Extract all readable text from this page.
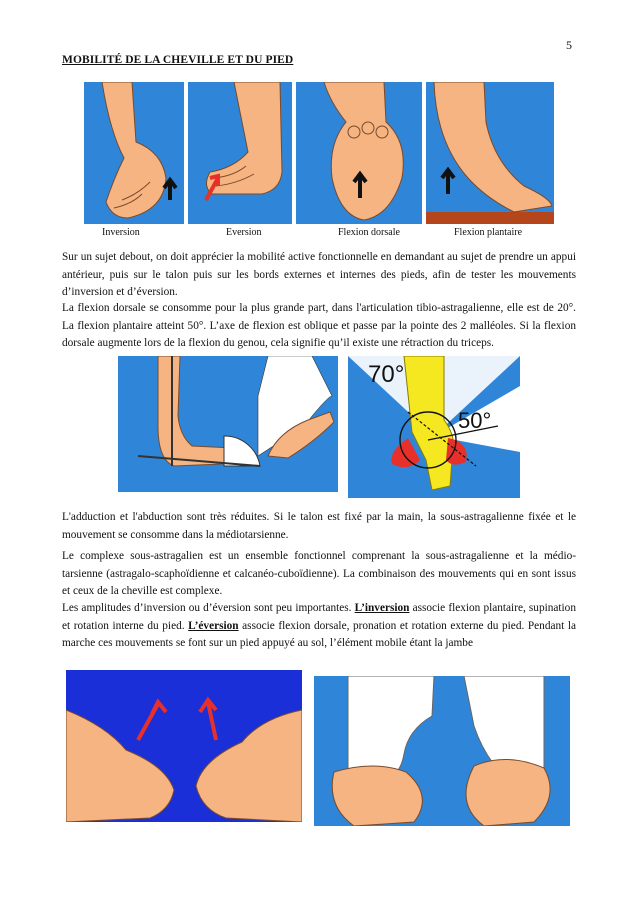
5
MOBILITÉ DE LA CHEVILLE ET DU PIED
Inversion	Eversion	Flexion dorsale	Flexion plantaire

Sur un sujet debout, on doit apprécier la mobilité active fonctionnelle en demandant au sujet de prendre un appui antérieur, puis sur le talon puis sur les bords externes et internes des pieds, afin de tester les mouvements d’inversion et d’éversion.

La flexion dorsale se consomme pour la plus grande part, dans l'articulation tibio-astragalienne, elle est de 20°. La flexion plantaire atteint 50°. L’axe de flexion est oblique et passe par la pointe des 2 malléoles. Si la flexion dorsale augmente lors de la flexion du genou, cela signifie qu’il existe une rétraction du triceps.

70°
50°

L'adduction et l'abduction sont très réduites. Si le talon est fixé par la main, la sous-astragalienne fixée et le mouvement se consomme dans la médiotarsienne.

Le complexe sous-astragalien est un ensemble fonctionnel comprenant la sous-astragalienne et la médio-tarsienne (astragalo-scaphoïdienne et calcanéo-cuboïdienne). La combinaison des mouvements qui en sont issus et ceux de la cheville est complexe.

Les amplitudes d’inversion ou d’éversion sont peu importantes. L’inversion associe flexion plantaire, supination et rotation interne du pied. L’éversion associe flexion dorsale, pronation et rotation externe du pied. Pendant la marche ces mouvements se font sur un pied appuyé au sol, l’élément mobile étant la jambe
